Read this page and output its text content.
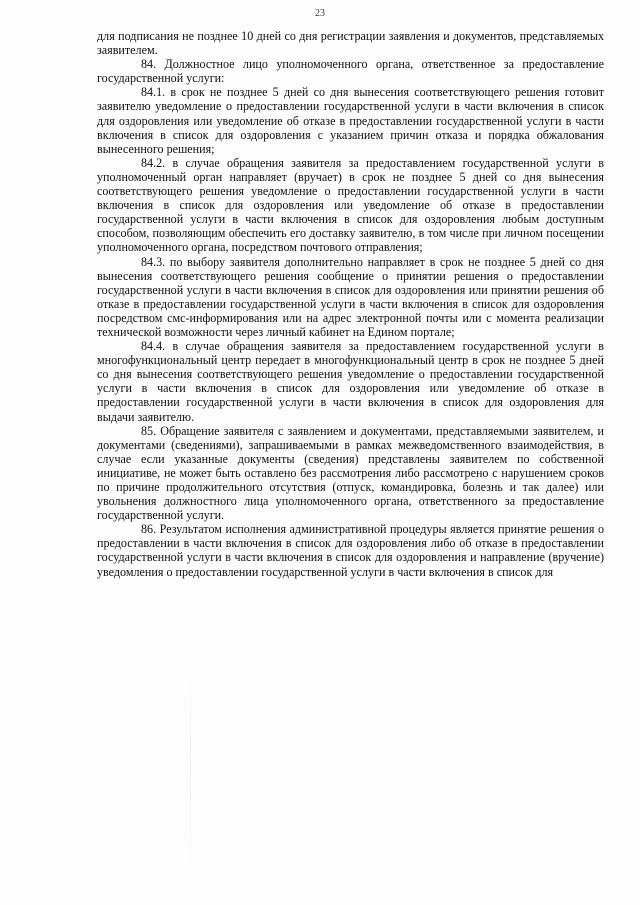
23

для подписания не позднее 10 дней со дня регистрации заявления и документов, представляемых заявителем.

84. Должностное лицо уполномоченного органа, ответственное за предоставление государственной услуги:

84.1. в срок не позднее 5 дней со дня вынесения соответствующего решения готовит заявителю уведомление о предоставлении государственной услуги в части включения в список для оздоровления или уведомление об отказе в предоставлении государственной услуги в части включения в список для оздоровления с указанием причин отказа и порядка обжалования вынесенного решения;

84.2. в случае обращения заявителя за предоставлением государственной услуги в уполномоченный орган направляет (вручает) в срок не позднее 5 дней со дня вынесения соответствующего решения уведомление о предоставлении государственной услуги в части включения в список для оздоровления или уведомление об отказе в предоставлении государственной услуги в части включения в список для оздоровления любым доступным способом, позволяющим обеспечить его доставку заявителю, в том числе при личном посещении уполномоченного органа, посредством почтового отправления;

84.3. по выбору заявителя дополнительно направляет в срок не позднее 5 дней со дня вынесения соответствующего решения сообщение о принятии решения о предоставлении государственной услуги в части включения в список для оздоровления или принятии решения об отказе в предоставлении государственной услуги в части включения в список для оздоровления посредством смс-информирования или на адрес электронной почты или с момента реализации технической возможности через личный кабинет на Едином портале;

84.4. в случае обращения заявителя за предоставлением государственной услуги в многофункциональный центр передает в многофункциональный центр в срок не позднее 5 дней со дня вынесения соответствующего решения уведомление о предоставлении государственной услуги в части включения в список для оздоровления или уведомление об отказе в предоставлении государственной услуги в части включения в список для оздоровления для выдачи заявителю.

85. Обращение заявителя с заявлением и документами, представляемыми заявителем, и документами (сведениями), запрашиваемыми в рамках межведомственного взаимодействия, в случае если указанные документы (сведения) представлены заявителем по собственной инициативе, не может быть оставлено без рассмотрения либо рассмотрено с нарушением сроков по причине продолжительного отсутствия (отпуск, командировка, болезнь и так далее) или увольнения должностного лица уполномоченного органа, ответственного за предоставление государственной услуги.

86. Результатом исполнения административной процедуры является принятие решения о предоставлении в части включения в список для оздоровления либо об отказе в предоставлении государственной услуги в части включения в список для оздоровления и направление (вручение) уведомления о предоставлении государственной услуги в части включения в список для
